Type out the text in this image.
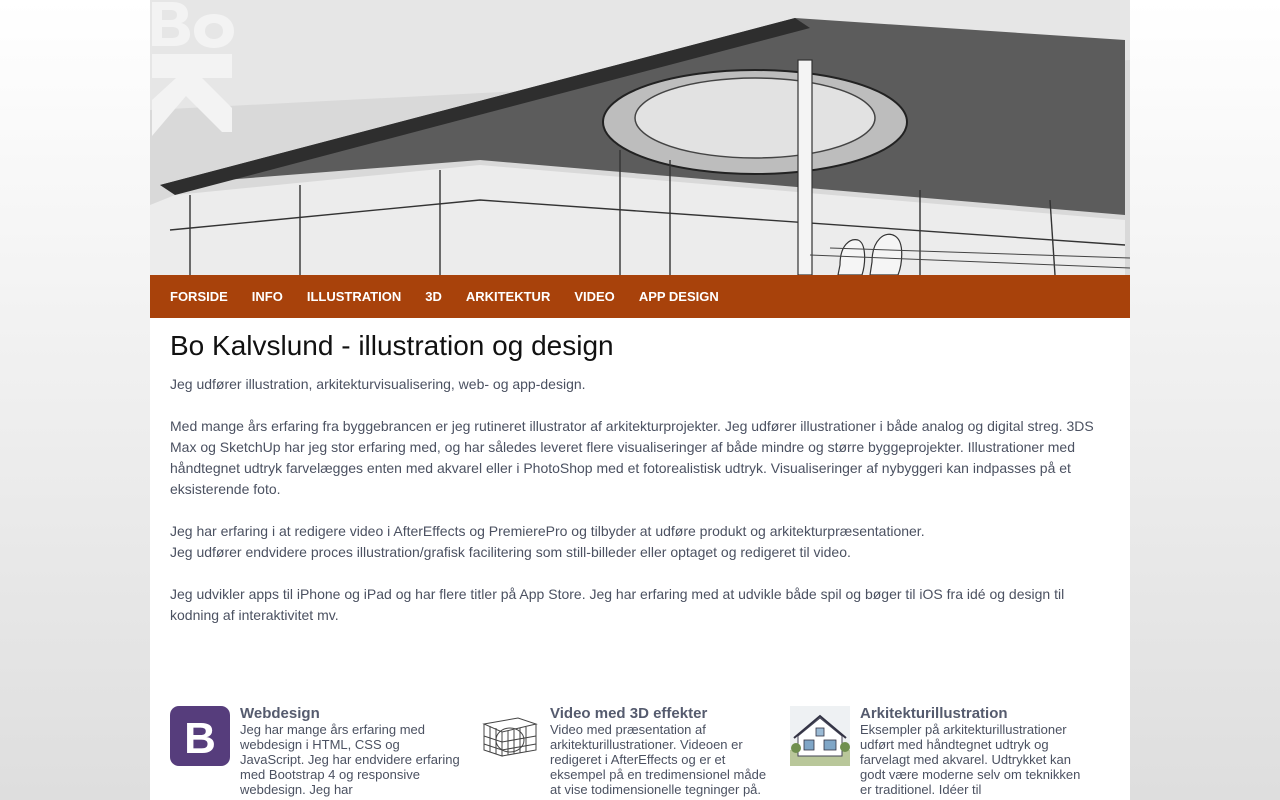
FORSIDE INFO ILLUSTRATION 3D ARKITEKTUR VIDEO APP DESIGN
Bo Kalvslund - illustration og design

Jeg udfører illustration, arkitekturvisualisering, web- og app-design.

Med mange års erfaring fra byggebrancen er jeg rutineret illustrator af arkitekturprojekter. Jeg udfører illustrationer i både analog og digital streg. 3DS Max og SketchUp har jeg stor erfaring med, og har således leveret flere visualiseringer af både mindre og større byggeprojekter. Illustrationer med håndtegnet udtryk farvelægges enten med akvarel eller i PhotoShop med et fotorealistisk udtryk. Visualiseringer af nybyggeri kan indpasses på et eksisterende foto.

Jeg har erfaring i at redigere video i AfterEffects og PremierePro og tilbyder at udføre produkt og arkitekturpræsentationer.

Jeg udfører endvidere proces illustration/grafisk facilitering som still-billeder eller optaget og redigeret til video.

Jeg udvikler apps til iPhone og iPad og har flere titler på App Store. Jeg har erfaring med at udvikle både spil og bøger til iOS fra idé og design til kodning af interaktivitet mv.

B
Webdesign

Jeg har mange års erfaring med webdesign i HTML, CSS og JavaScript. Jeg har endvidere erfaring med Bootstrap 4 og responsive webdesign. Jeg har

Video med 3D effekter

Video med præsentation af arkitekturillustrationer. Videoen er redigeret i AfterEffects og er et eksempel på en tredimensionel måde at vise todimensionelle tegninger på.

Arkitekturillustration

Eksempler på arkitekturillustrationer udført med håndtegnet udtryk og farvelagt med akvarel. Udtrykket kan godt være moderne selv om teknikken er traditionel. Idéer til
